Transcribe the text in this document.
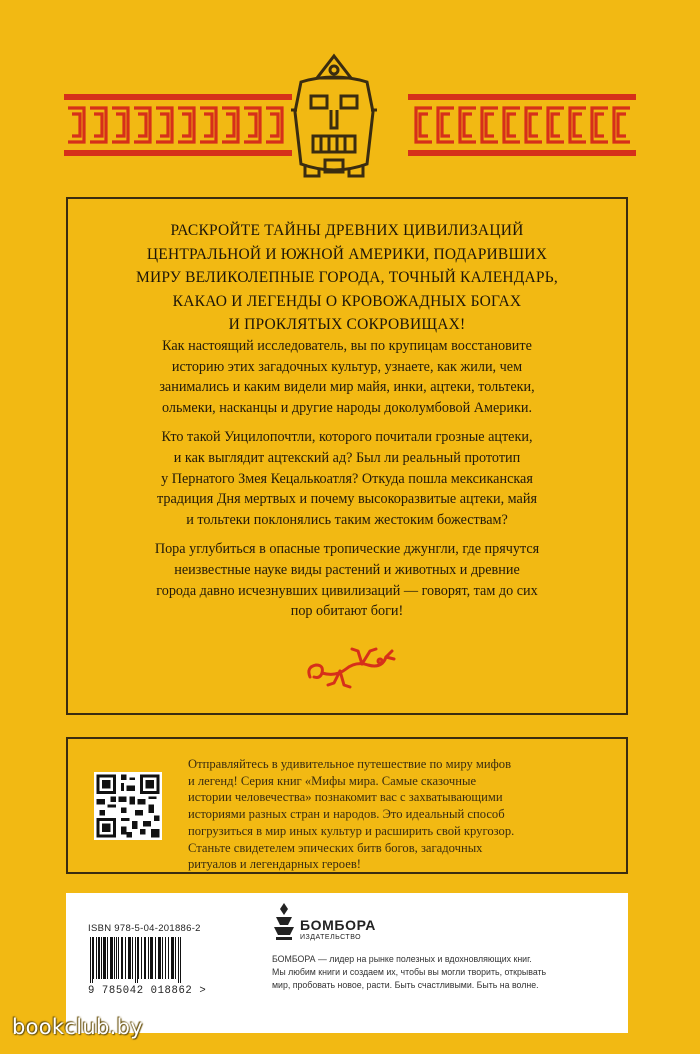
РАСКРОЙТЕ ТАЙНЫ ДРЕВНИХ ЦИВИЛИЗАЦИЙ
ЦЕНТРАЛЬНОЙ И ЮЖНОЙ АМЕРИКИ, ПОДАРИВШИХ
МИРУ ВЕЛИКОЛЕПНЫЕ ГОРОДА, ТОЧНЫЙ КАЛЕНДАРЬ,
КАКАО И ЛЕГЕНДЫ О КРОВОЖАДНЫХ БОГАХ
И ПРОКЛЯТЫХ СОКРОВИЩАХ!

Как настоящий исследователь, вы по крупицам восстановите
историю этих загадочных культур, узнаете, как жили, чем
занимались и каким видели мир майя, инки, ацтеки, тольтеки,
ольмеки, насканцы и другие народы доколумбовой Америки.

Кто такой Уицилопочтли, которого почитали грозные ацтеки,
и как выглядит ацтекский ад? Был ли реальный прототип
у Пернатого Змея Кецалькоатля? Откуда пошла мексиканская
традиция Дня мертвых и почему высокоразвитые ацтеки, майя
и тольтеки поклонялись таким жестоким божествам?

Пора углубиться в опасные тропические джунгли, где прячутся
неизвестные науке виды растений и животных и древние
города давно исчезнувших цивилизаций — говорят, там до сих
пор обитают боги!

Отправляйтесь в удивительное путешествие по миру мифов
и легенд! Серия книг «Мифы мира. Самые сказочные
истории человечества» познакомит вас с захватывающими
историями разных стран и народов. Это идеальный способ
погрузиться в мир иных культур и расширить свой кругозор.
Станьте свидетелем эпических битв богов, загадочных
ритуалов и легендарных героев!
ISBN 978-5-04-201886-2
9 785042 018862 >
БОМБОРА
ИЗДАТЕЛЬСТВО
БОМБОРА — лидер на рынке полезных и вдохновляющих книг.
Мы любим книги и создаем их, чтобы вы могли творить, открывать
мир, пробовать новое, расти. Быть счастливыми. Быть на волне.
bookclub.by
